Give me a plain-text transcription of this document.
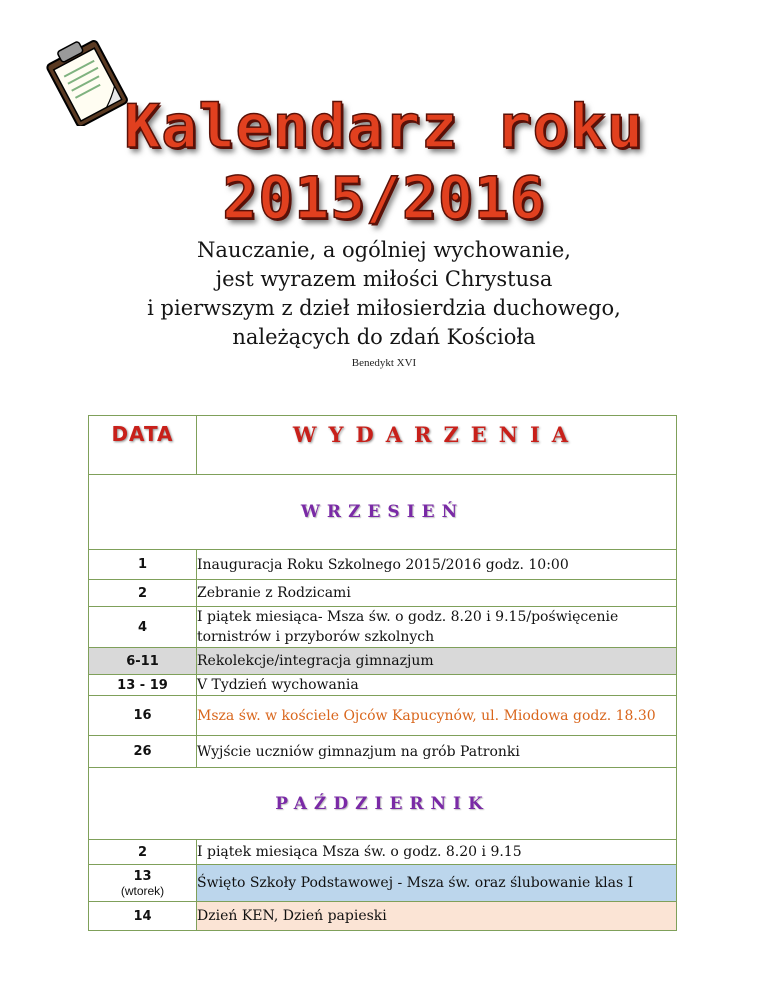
Kalendarz roku
2015/2016
Nauczanie, a ogólniej wychowanie,
jest wyrazem miłości Chrystusa
i pierwszym z dzieł miłosierdzia duchowego,
należących do zdań Kościoła
Benedykt XVI
DATA	WYDARZENIA

WRZESIEŃ	
1	Inauguracja Roku Szkolnego 2015/2016 godz. 10:00
2	Zebranie z Rodzicami
4	I piątek miesiąca- Msza św. o godz. 8.20 i 9.15/poświęcenie tornistrów i przyborów szkolnych
6-11	Rekolekcje/integracja gimnazjum
13 - 19	V Tydzień wychowania
16	Msza św. w kościele Ojców Kapucynów, ul. Miodowa godz. 18.30
26	Wyjście uczniów gimnazjum na grób Patronki
PAŹDZIERNIK	
2	I piątek miesiąca Msza św. o godz. 8.20 i 9.15
13
(wtorek)	Święto Szkoły Podstawowej - Msza św. oraz ślubowanie klas I
14	Dzień KEN, Dzień papieski
